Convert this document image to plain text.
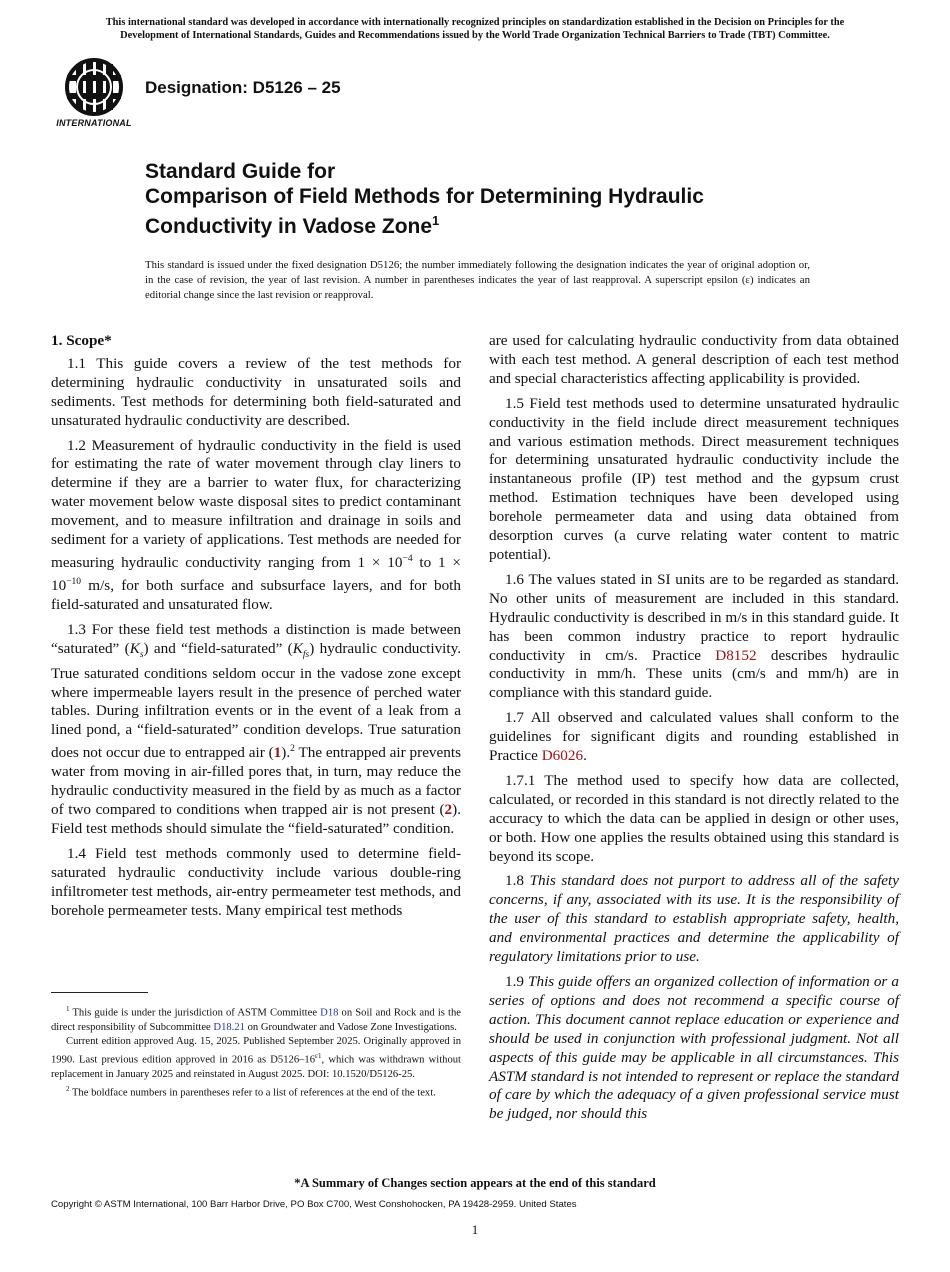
This international standard was developed in accordance with internationally recognized principles on standardization established in the Decision on Principles for the
Development of International Standards, Guides and Recommendations issued by the World Trade Organization Technical Barriers to Trade (TBT) Committee.
INTERNATIONAL
Designation: D5126 – 25
Standard Guide for
Comparison of Field Methods for Determining Hydraulic
Conductivity in Vadose Zone$^1$
This standard is issued under the fixed designation D5126; the number immediately following the designation indicates the year of original adoption or, in the case of revision, the year of last revision. A number in parentheses indicates the year of last reapproval. A superscript epsilon (ε) indicates an editorial change since the last revision or reapproval.
1. Scope*

1.1 This guide covers a review of the test methods for determining hydraulic conductivity in unsaturated soils and sediments. Test methods for determining both field-saturated and unsaturated hydraulic conductivity are described.

1.2 Measurement of hydraulic conductivity in the field is used for estimating the rate of water movement through clay liners to determine if they are a barrier to water flux, for characterizing water movement below waste disposal sites to predict contaminant movement, and to measure infiltration and drainage in soils and sediment for a variety of applications. Test methods are needed for measuring hydraulic conductivity ranging from $1 \times 10^{-4}$ to $1 \times 10^{-10}$ m/s, for both surface and subsurface layers, and for both field-saturated and unsaturated flow.

1.3 For these field test methods a distinction is made between “saturated” $(K_s)$ and “field-saturated” $(K_{fs})$ hydraulic conductivity. True saturated conditions seldom occur in the vadose zone except where impermeable layers result in the presence of perched water tables. During infiltration events or in the event of a leak from a lined pond, a “field-saturated” condition develops. True saturation does not occur due to entrapped air (1).$^2$ The entrapped air prevents water from moving in air-filled pores that, in turn, may reduce the hydraulic conductivity measured in the field by as much as a factor of two compared to conditions when trapped air is not present (2). Field test methods should simulate the “field-saturated” condition.

1.4 Field test methods commonly used to determine field-saturated hydraulic conductivity include various double-ring infiltrometer test methods, air-entry permeameter test methods, and borehole permeameter tests. Many empirical test methods

are used for calculating hydraulic conductivity from data obtained with each test method. A general description of each test method and special characteristics affecting applicability is provided.

1.5 Field test methods used to determine unsaturated hydraulic conductivity in the field include direct measurement techniques and various estimation methods. Direct measurement techniques for determining unsaturated hydraulic conductivity include the instantaneous profile (IP) test method and the gypsum crust method. Estimation techniques have been developed using borehole permeameter data and using data obtained from desorption curves (a curve relating water content to matric potential).

1.6 The values stated in SI units are to be regarded as standard. No other units of measurement are included in this standard. Hydraulic conductivity is described in m/s in this standard guide. It has been common industry practice to report hydraulic conductivity in cm/s. Practice D8152 describes hydraulic conductivity in mm/h. These units (cm/s and mm/h) are in compliance with this standard guide.

1.7 All observed and calculated values shall conform to the guidelines for significant digits and rounding established in Practice D6026.

1.7.1 The method used to specify how data are collected, calculated, or recorded in this standard is not directly related to the accuracy to which the data can be applied in design or other uses, or both. How one applies the results obtained using this standard is beyond its scope.

1.8 This standard does not purport to address all of the safety concerns, if any, associated with its use. It is the responsibility of the user of this standard to establish appropriate safety, health, and environmental practices and determine the applicability of regulatory limitations prior to use.

1.9 This guide offers an organized collection of information or a series of options and does not recommend a specific course of action. This document cannot replace education or experience and should be used in conjunction with professional judgment. Not all aspects of this guide may be applicable in all circumstances. This ASTM standard is not intended to represent or replace the standard of care by which the adequacy of a given professional service must be judged, nor should this

$^1$ This guide is under the jurisdiction of ASTM Committee D18 on Soil and Rock and is the direct responsibility of Subcommittee D18.21 on Groundwater and Vadose Zone Investigations.

Current edition approved Aug. 15, 2025. Published September 2025. Originally approved in 1990. Last previous edition approved in 2016 as $D5126-16^{\varepsilon 1}$, which was withdrawn without replacement in January 2025 and reinstated in August 2025. DOI: 10.1520/D5126-25.

$^2$ The boldface numbers in parentheses refer to a list of references at the end of the text.

*A Summary of Changes section appears at the end of this standard
Copyright © ASTM International, 100 Barr Harbor Drive, PO Box C700, West Conshohocken, PA 19428-2959. United States
1
